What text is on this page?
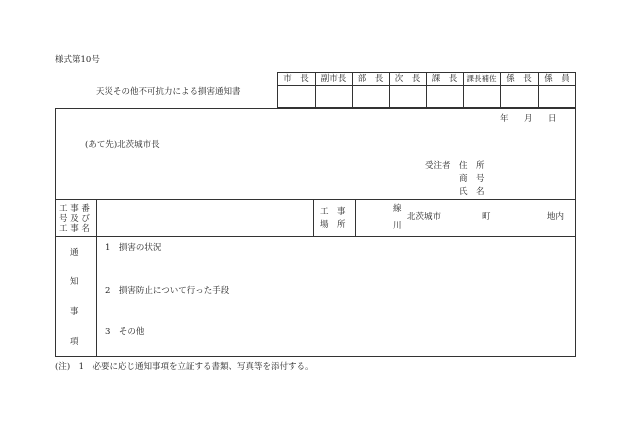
様式第10号
天災その他不可抗力による損害通知書
市　長	副市長	部　長	次　長	課　長	課長補佐	係　長	係　員
年 月 日
(あて先)北茨城市長
受注者 住　所
商　号
氏　名
工 事 番
号 及 び
工 事 名
工　事
場　所
線
川
北茨城市	町	地内
通
知
事
項
1　損害の状況
2　損害防止について行った手段
3　その他
(注)　1　必要に応じ通知事項を立証する書類、写真等を添付する。
